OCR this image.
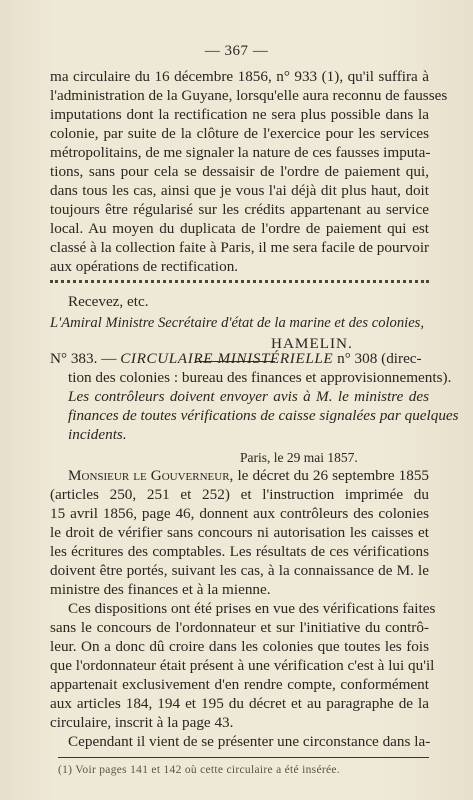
— 367 —
ma circulaire du 16 décembre 1856, n° 933 (1), qu'il suffira à
l'administration de la Guyane, lorsqu'elle aura reconnu de fausses
imputations dont la rectification ne sera plus possible dans la
colonie, par suite de la clôture de l'exercice pour les services
métropolitains, de me signaler la nature de ces fausses imputa-
tions, sans pour cela se dessaisir de l'ordre de paiement qui,
dans tous les cas, ainsi que je vous l'ai déjà dit plus haut, doit
toujours être régularisé sur les crédits appartenant au service
local. Au moyen du duplicata de l'ordre de paiement qui est
classé à la collection faite à Paris, il me sera facile de pourvoir
aux opérations de rectification.
Recevez, etc.
L'Amiral Ministre Secrétaire d'état de la marine et des colonies,
HAMELIN.
N° 383. — CIRCULAIRE MINISTÉRIELLE n° 308 (direc-
tion des colonies : bureau des finances et approvisionnements).
Les contrôleurs doivent envoyer avis à M. le ministre des
finances de toutes vérifications de caisse signalées par quelques
incidents.
Paris, le 29 mai 1857.
Monsieur le Gouverneur, le décret du 26 septembre 1855
(articles 250, 251 et 252) et l'instruction imprimée du
15 avril 1856, page 46, donnent aux contrôleurs des colonies
le droit de vérifier sans concours ni autorisation les caisses et
les écritures des comptables. Les résultats de ces vérifications
doivent être portés, suivant les cas, à la connaissance de M. le
ministre des finances et à la mienne.
Ces dispositions ont été prises en vue des vérifications faites
sans le concours de l'ordonnateur et sur l'initiative du contrô-
leur. On a donc dû croire dans les colonies que toutes les fois
que l'ordonnateur était présent à une vérification c'est à lui qu'il
appartenait exclusivement d'en rendre compte, conformément
aux articles 184, 194 et 195 du décret et au paragraphe de la
circulaire, inscrit à la page 43.
Cependant il vient de se présenter une circonstance dans la-
(1) Voir pages 141 et 142 où cette circulaire a été insérée.
